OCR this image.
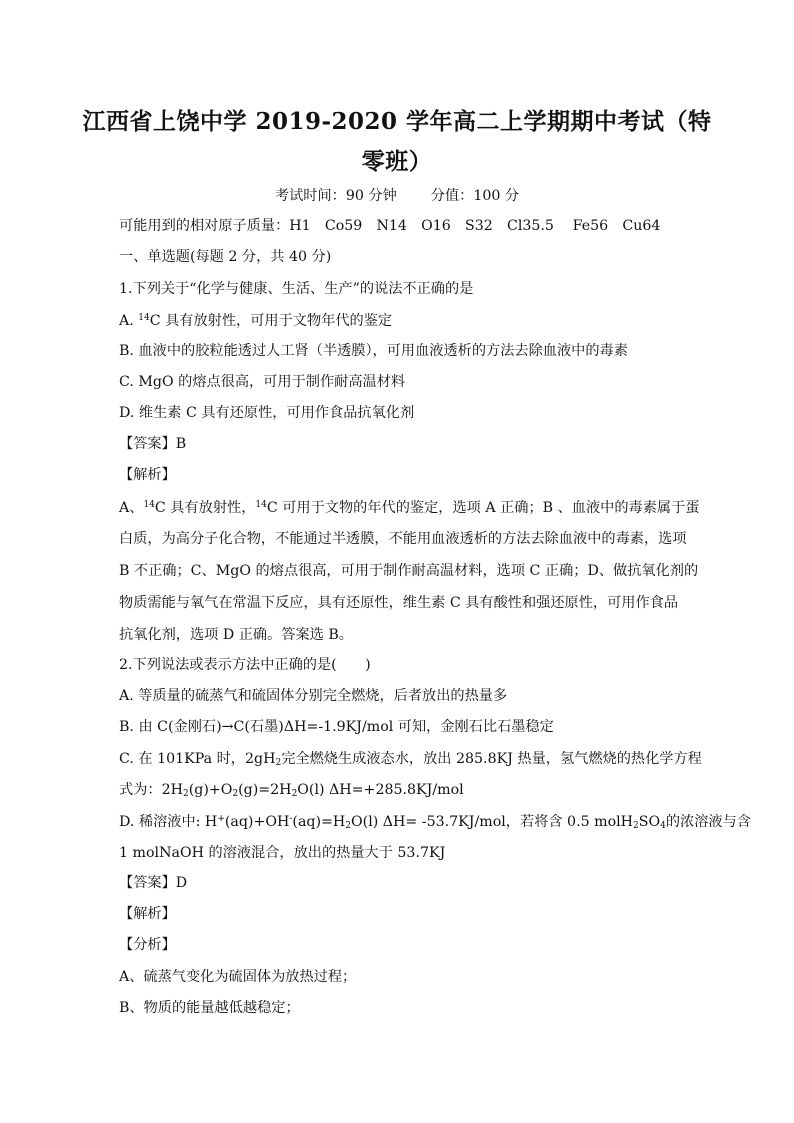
江西省上饶中学 2019-2020 学年高二上学期期中考试（特
零班）
考试时间：90 分钟 分值：100 分
可能用到的相对原子质量：H1　Co59　N14　O16　S32　Cl35.5　 Fe56　Cu64
一、单选题(每题 2 分，共 40 分)
1.下列关于“化学与健康、生活、生产”的说法不正确的是
A. $^{14}$C 具有放射性，可用于文物年代的鉴定
B. 血液中的胶粒能透过人工肾（半透膜），可用血液透析的方法去除血液中的毒素
C. MgO 的熔点很高，可用于制作耐高温材料
D. 维生素 C 具有还原性，可用作食品抗氧化剂
【答案】B
【解析】
A、$^{14}$C 具有放射性，$^{14}$C 可用于文物的年代的鉴定，选项 A 正确；B 、血液中的毒素属于蛋
白质，为高分子化合物，不能通过半透膜，不能用血液透析的方法去除血液中的毒素，选项
B 不正确；C、MgO 的熔点很高，可用于制作耐高温材料，选项 C 正确；D、做抗氧化剂的
物质需能与氧气在常温下反应，具有还原性，维生素 C 具有酸性和强还原性，可用作食品
抗氧化剂，选项 D 正确。答案选 B。
2.下列说法或表示方法中正确的是(　　)
A. 等质量的硫蒸气和硫固体分别完全燃烧，后者放出的热量多
B. 由 C(金刚石)→C(石墨)ΔH=-1.9KJ/mol 可知，金刚石比石墨稳定
C. 在 101KPa 时，$2gH_2$完全燃烧生成液态水，放出 285.8KJ 热量，氢气燃烧的热化学方程
式为：$2H_2(g)+O_2(g)=2H_2O(l)$ ΔH=+285.8KJ/mol
D. 稀溶液中: $H^+(aq)+OH^-(aq)=H_2O(l)$ ΔH= -53.7KJ/mol，若将含 0.5 $molH_2SO_4$的浓溶液与含
1 molNaOH 的溶液混合，放出的热量大于 53.7KJ
【答案】D
【解析】
【分析】
A、硫蒸气变化为硫固体为放热过程；
B、物质的能量越低越稳定；
